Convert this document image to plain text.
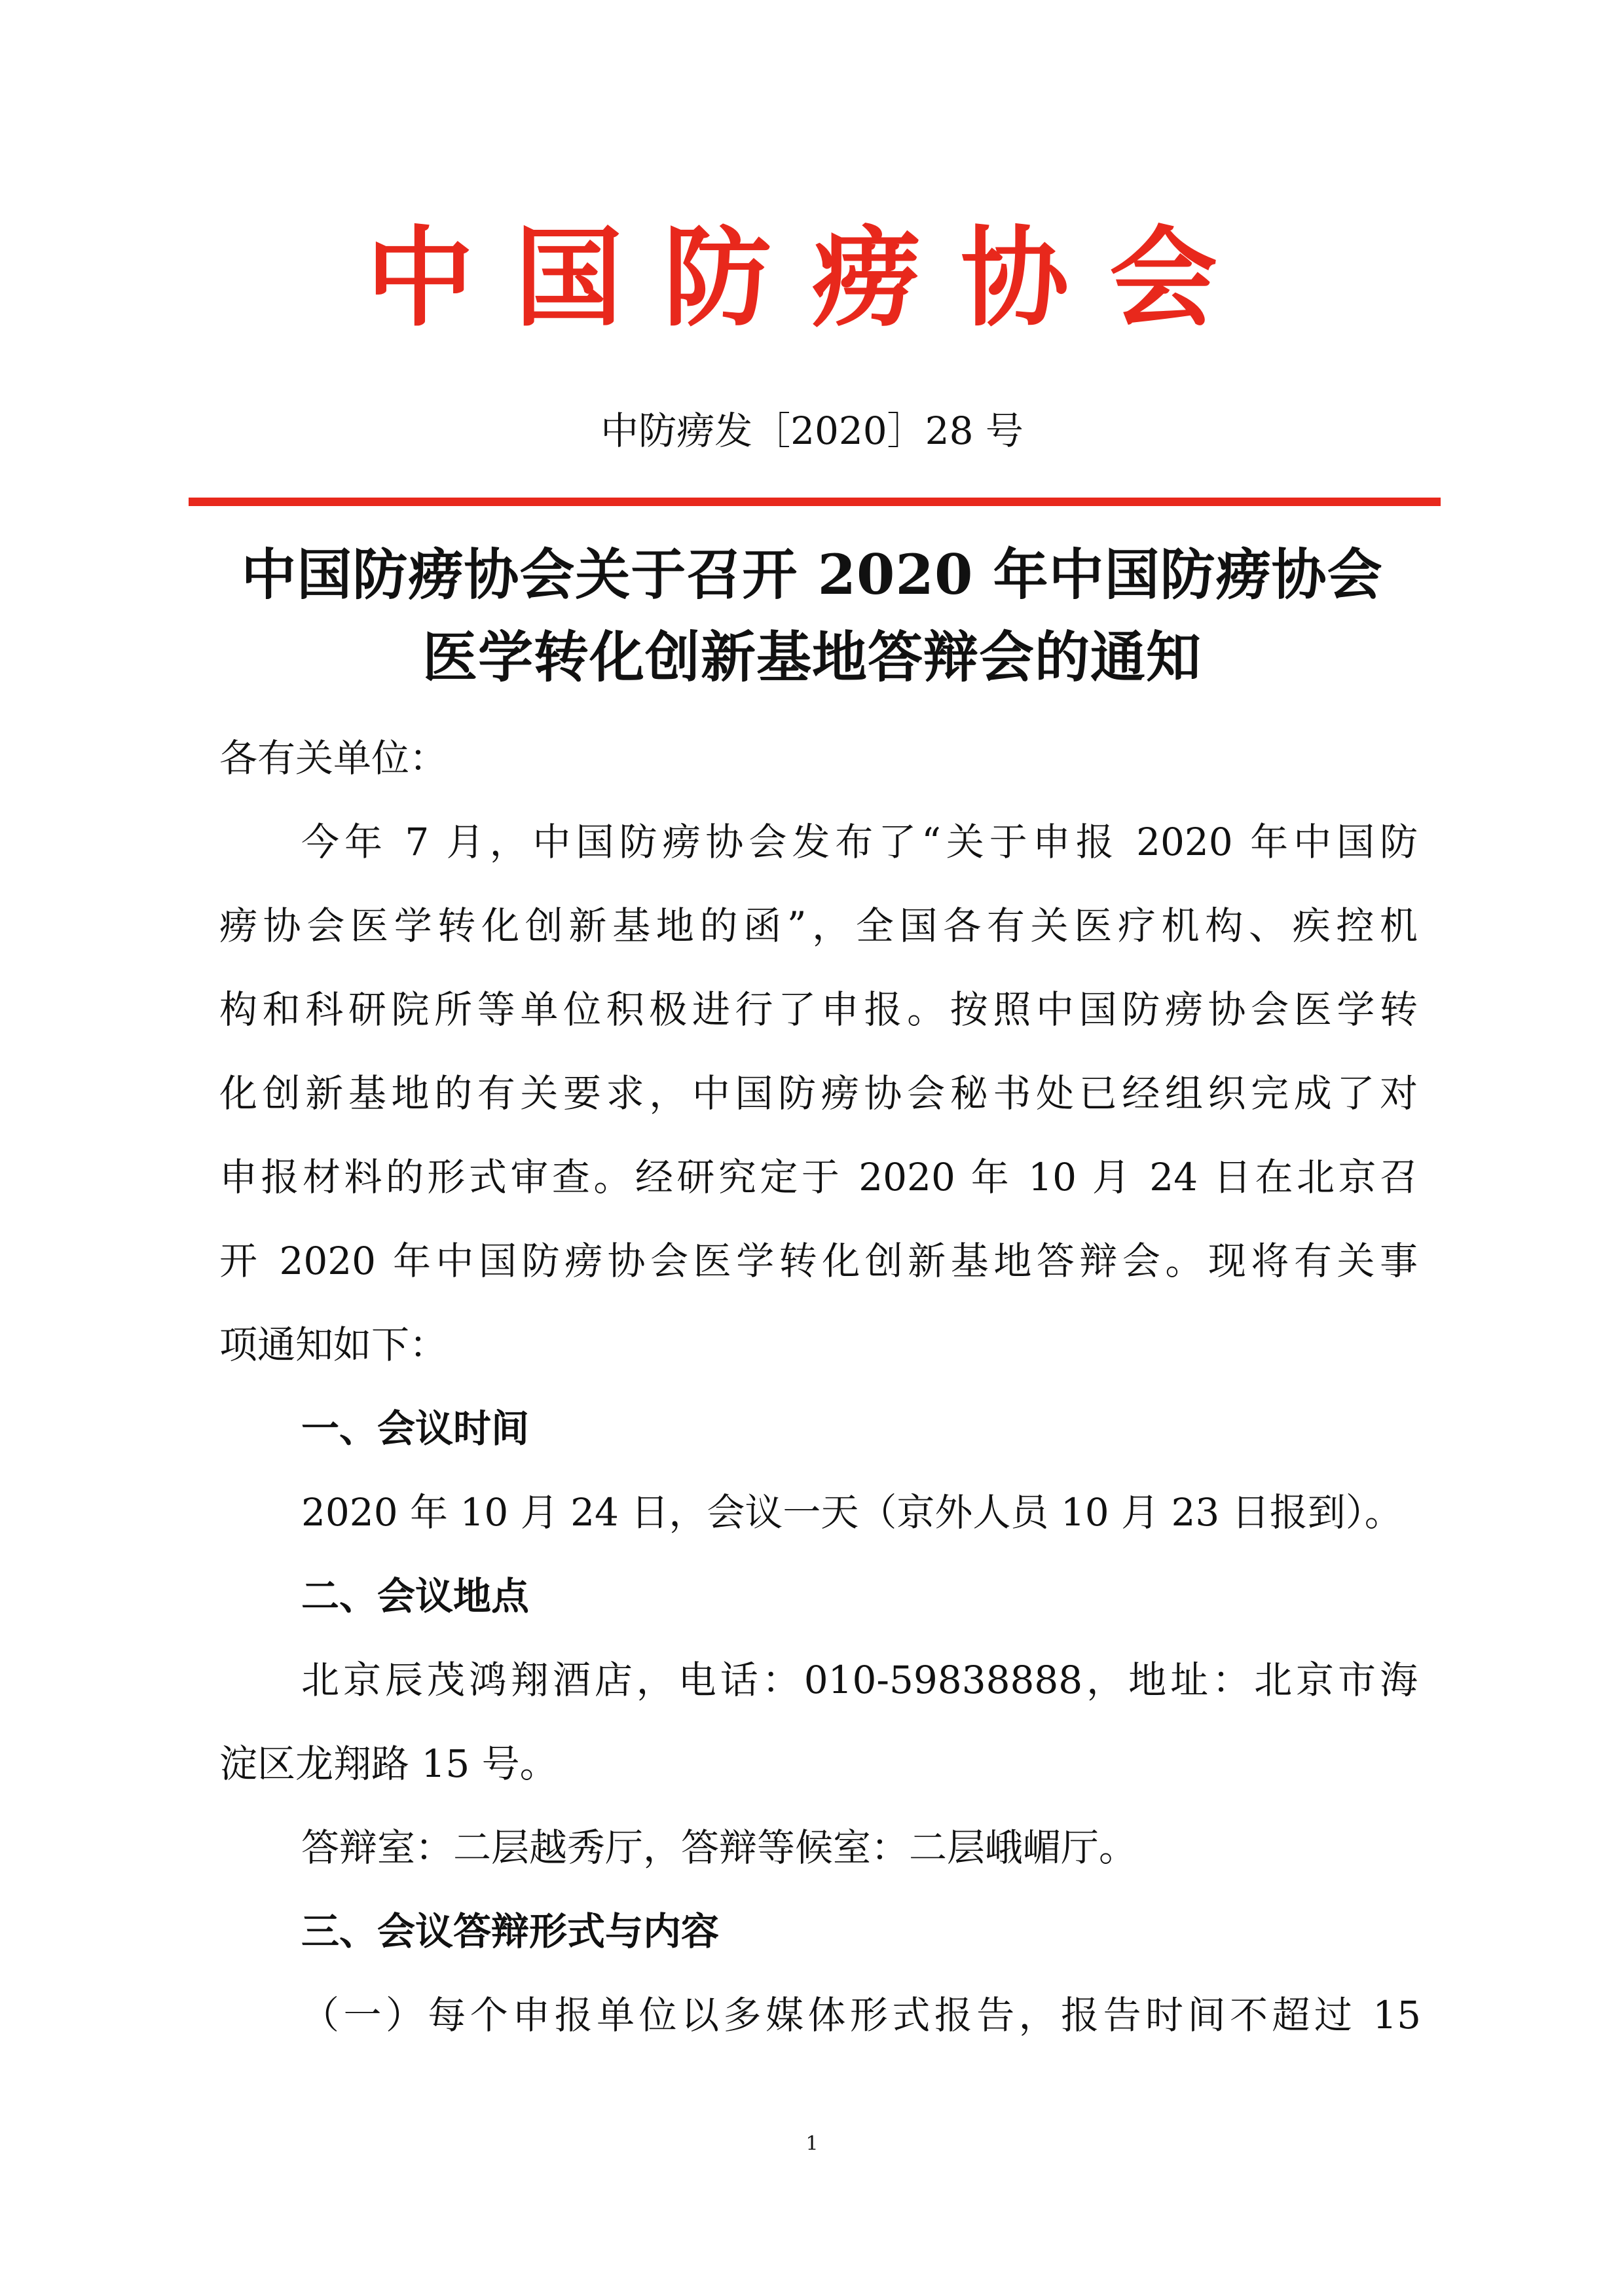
中国防痨协会
中防痨发［2020］28 号
中国防痨协会关于召开 2020 年中国防痨协会
医学转化创新基地答辩会的通知
各有关单位：
今年 7 月，中国防痨协会发布了“关于申报 2020 年中国防
痨协会医学转化创新基地的函”，全国各有关医疗机构、疾控机
构和科研院所等单位积极进行了申报。按照中国防痨协会医学转
化创新基地的有关要求，中国防痨协会秘书处已经组织完成了对
申报材料的形式审查。经研究定于 2020 年 10 月 24 日在北京召
开 2020 年中国防痨协会医学转化创新基地答辩会。现将有关事
项通知如下：
一、会议时间
2020 年 10 月 24 日，会议一天（京外人员 10 月 23 日报到）。
二、会议地点
北京辰茂鸿翔酒店，电话：010-59838888，地址：北京市海
淀区龙翔路 15 号。
答辩室：二层越秀厅，答辩等候室：二层峨嵋厅。
三、会议答辩形式与内容
（一）每个申报单位以多媒体形式报告，报告时间不超过 15
1
